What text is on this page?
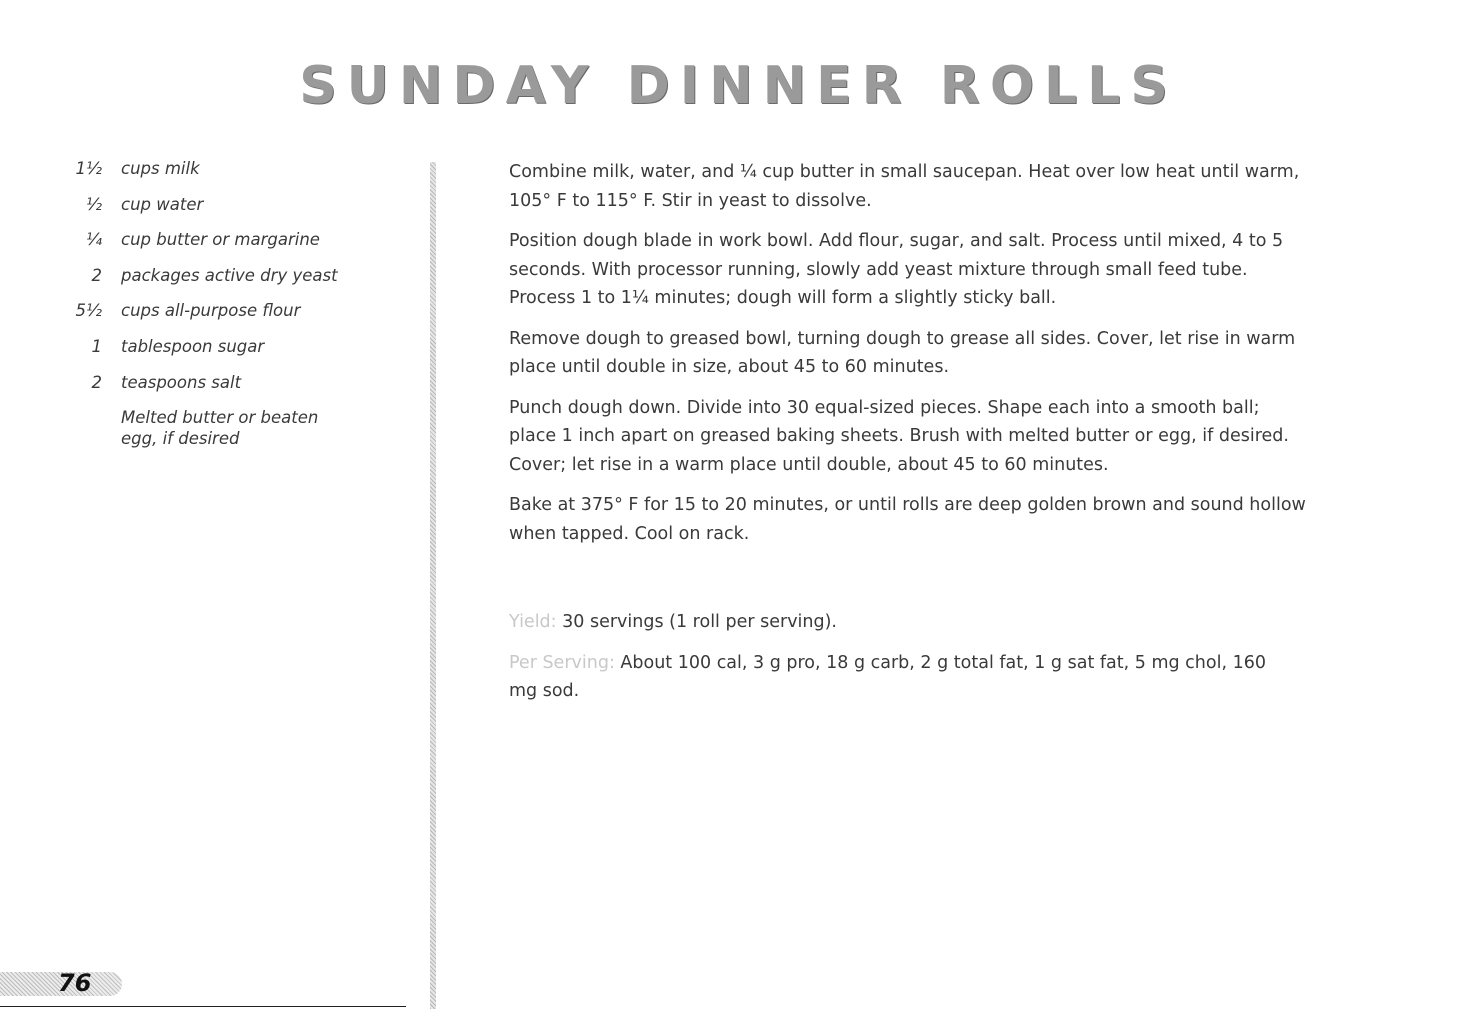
SUNDAY DINNER ROLLS
1½	cups milk
½	cup water
¼	cup butter or margarine
2	packages active dry yeast
5½	cups all-purpose flour
1	tablespoon sugar
2	teaspoons salt
Melted butter or beaten egg, if desired

Combine milk, water, and ¼ cup butter in small saucepan. Heat over low heat until warm, 105° F to 115° F. Stir in yeast to dissolve.

Position dough blade in work bowl. Add flour, sugar, and salt. Process until mixed, 4 to 5 seconds. With processor running, slowly add yeast mixture through small feed tube. Process 1 to 1¼ minutes; dough will form a slightly sticky ball.

Remove dough to greased bowl, turning dough to grease all sides. Cover, let rise in warm place until double in size, about 45 to 60 minutes.

Punch dough down. Divide into 30 equal-sized pieces. Shape each into a smooth ball; place 1 inch apart on greased baking sheets. Brush with melted butter or egg, if desired. Cover; let rise in a warm place until double, about 45 to 60 minutes.

Bake at 375° F for 15 to 20 minutes, or until rolls are deep golden brown and sound hollow when tapped. Cool on rack.

Yield: 30 servings (1 roll per serving).

Per Serving: About 100 cal, 3 g pro, 18 g carb, 2 g total fat, 1 g sat fat, 5 mg chol, 160 mg sod.

76
